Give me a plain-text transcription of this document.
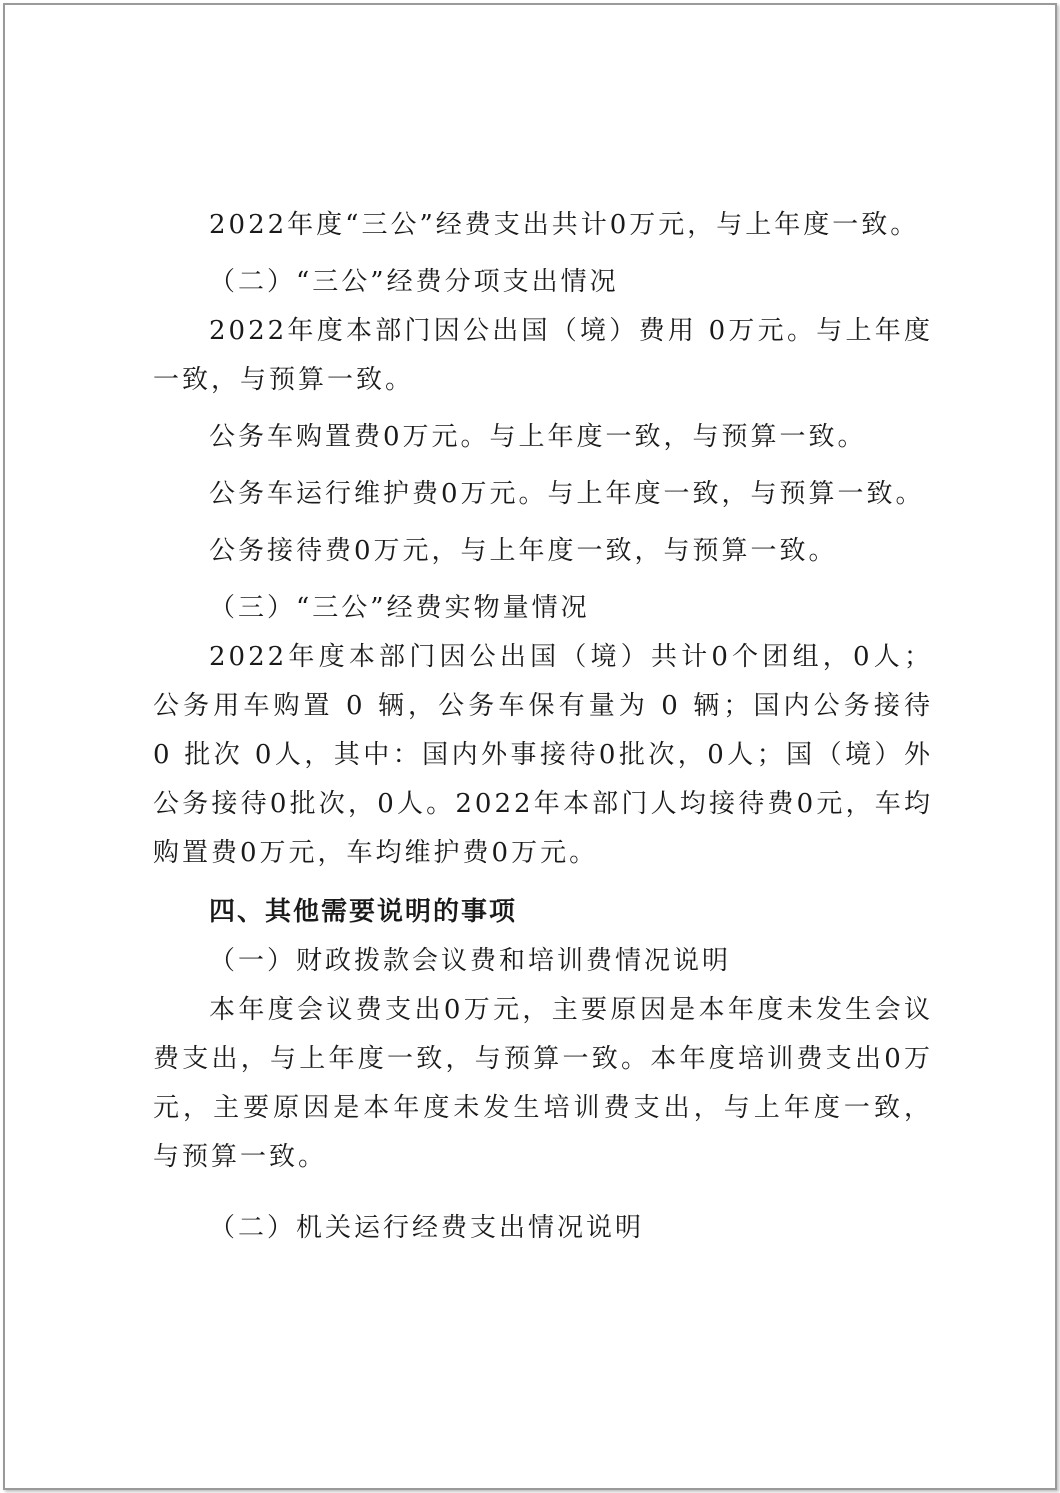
2022年度“三公”经费支出共计0万元，与上年度一致。

（二）“三公”经费分项支出情况

2022年度本部门因公出国（境）费用 0万元。与上年度一致，与预算一致。

公务车购置费0万元。与上年度一致，与预算一致。

公务车运行维护费0万元。与上年度一致，与预算一致。

公务接待费0万元，与上年度一致，与预算一致。

（三）“三公”经费实物量情况

2022年度本部门因公出国（境）共计0个团组，0人；公务用车购置 0 辆，公务车保有量为 0 辆；国内公务接待 0 批次 0人，其中：国内外事接待0批次，0人；国（境）外公务接待0批次，0人。2022年本部门人均接待费0元，车均购置费0万元，车均维护费0万元。

四、其他需要说明的事项

（一）财政拨款会议费和培训费情况说明

本年度会议费支出0万元，主要原因是本年度未发生会议费支出，与上年度一致，与预算一致。本年度培训费支出0万元，主要原因是本年度未发生培训费支出，与上年度一致，与预算一致。

（二）机关运行经费支出情况说明
